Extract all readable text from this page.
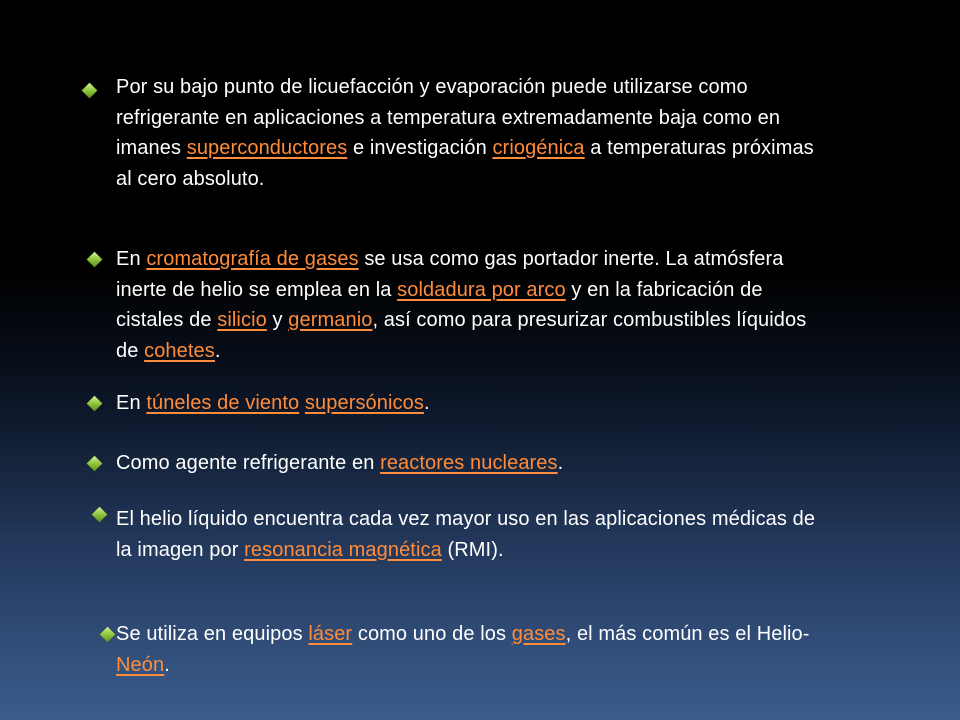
Por su bajo punto de licuefacción y evaporación puede utilizarse como refrigerante en aplicaciones a temperatura extremadamente baja como en imanes superconductores e investigación criogénica a temperaturas próximas al cero absoluto.

En cromatografía de gases se usa como gas portador inerte. La atmósfera inerte de helio se emplea en la soldadura por arco y en la fabricación de cistales de silicio y germanio, así como para presurizar combustibles líquidos de cohetes.

En túneles de viento supersónicos.

Como agente refrigerante en reactores nucleares.

El helio líquido encuentra cada vez mayor uso en las aplicaciones médicas de la imagen por resonancia magnética (RMI).

Se utiliza en equipos láser como uno de los gases, el más común es el Helio-Neón.
